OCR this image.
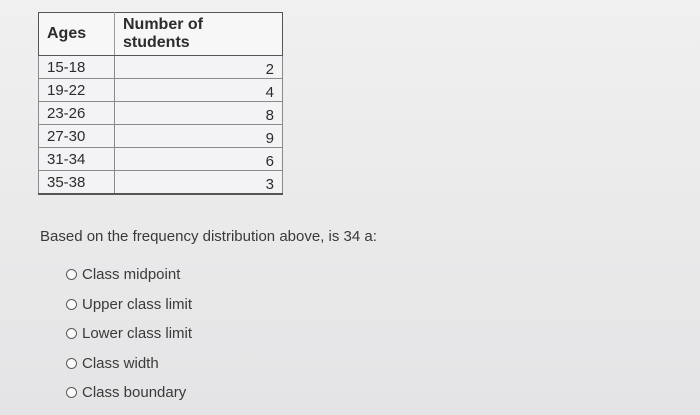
Ages	Number of students
15-18	2
19-22	4
23-26	8
27-30	9
31-34	6
35-38	3
Based on the frequency distribution above, is 34 a:
Class midpoint
Upper class limit
Lower class limit
Class width
Class boundary
